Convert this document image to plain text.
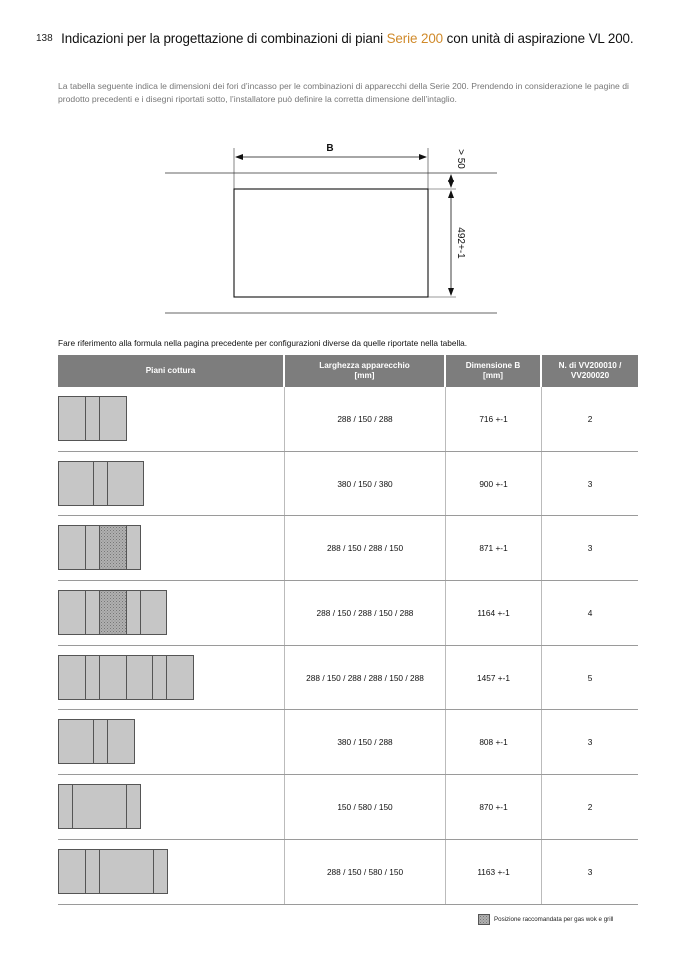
138 Indicazioni per la progettazione di combinazioni di piani Serie 200 con unità di aspirazione VL 200.
La tabella seguente indica le dimensioni dei fori d’incasso per le combinazioni di apparecchi della Serie 200. Prendendo in considerazione le pagine di prodotto precedenti e i disegni riportati sotto, l’installatore può definire la corretta dimensione dell’intaglio.
B
> 50
492+-1
Fare riferimento alla formula nella pagina precedente per configurazioni diverse da quelle riportate nella tabella.
Piani cottura
Larghezza apparecchio
[mm]
Dimensione B
[mm]
N. di VV200010 /
VV200020
288 / 150 / 288	716 +-1	2
380 / 150 / 380	900 +-1	3
288 / 150 / 288 / 150	871 +-1	3
288 / 150 / 288 / 150 / 288	1164 +-1	4
288 / 150 / 288 / 288 / 150 / 288	1457 +-1	5
380 / 150 / 288	808 +-1	3
150 / 580 / 150	870 +-1	2
288 / 150 / 580 / 150	1163 +-1	3
Posizione raccomandata per gas wok e grill
